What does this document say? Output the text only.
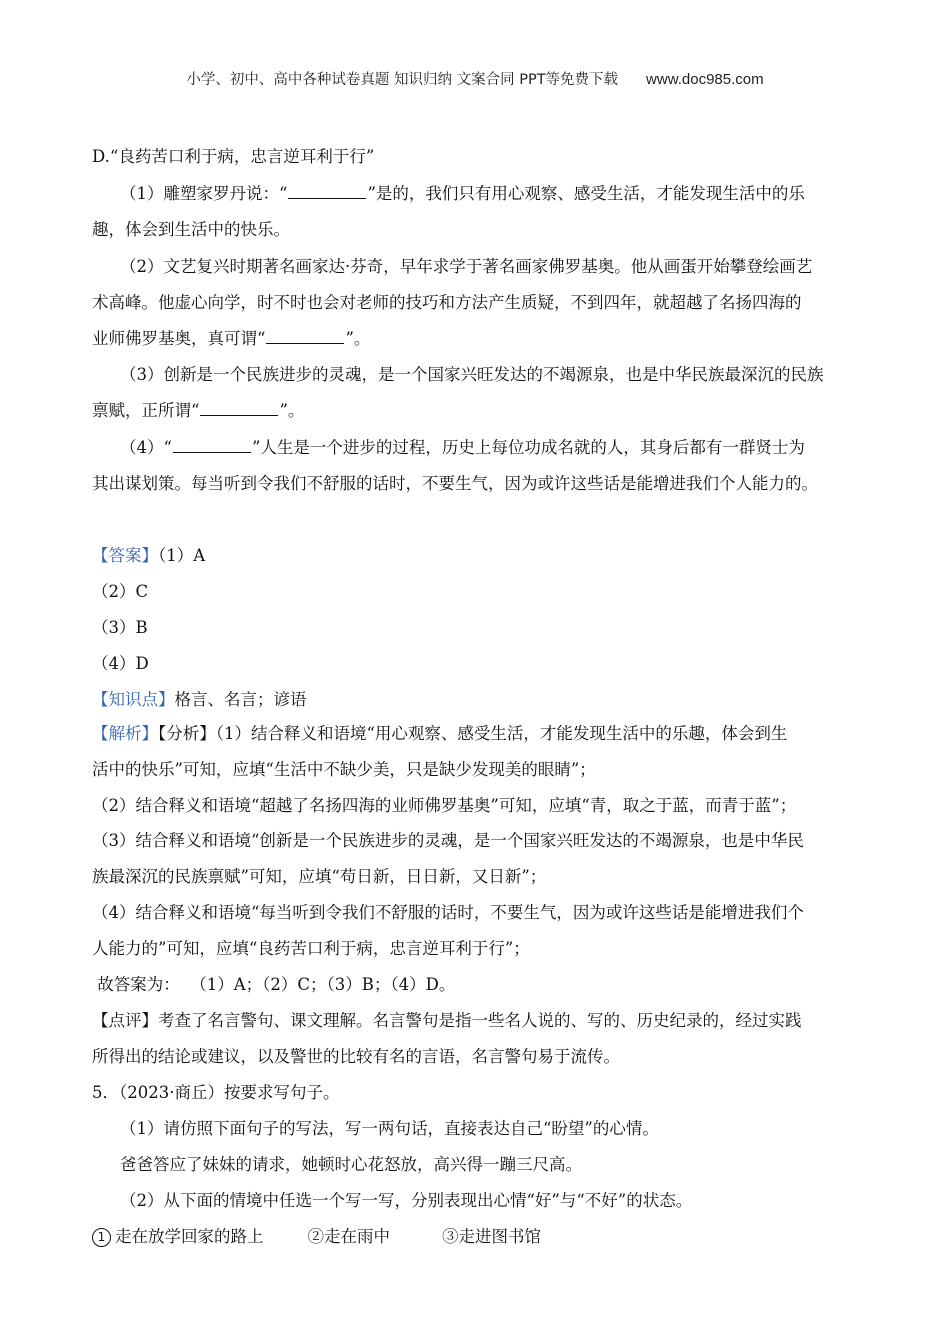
小学、初中、高中各种试卷真题 知识归纳 文案合同 PPT等免费下载 www.doc985.com
D.“良药苦口利于病，忠言逆耳利于行”
（1）雕塑家罗丹说：“	”是的，我们只有用心观察、感受生活，才能发现生活中的乐
趣，体会到生活中的快乐。
（2）文艺复兴时期著名画家达·芬奇，早年求学于著名画家佛罗基奥。他从画蛋开始攀登绘画艺
术高峰。他虚心向学，时不时也会对老师的技巧和方法产生质疑，不到四年，就超越了名扬四海的
业师佛罗基奥，真可谓“	”。
（3）创新是一个民族进步的灵魂，是一个国家兴旺发达的不竭源泉，也是中华民族最深沉的民族
禀赋，正所谓“	”。
（4）“	”人生是一个进步的过程，历史上每位功成名就的人，其身后都有一群贤士为
其出谋划策。每当听到令我们不舒服的话时，不要生气，因为或许这些话是能增进我们个人能力的。
【答案】（1）A
（2）C
（3）B
（4）D
【知识点】格言、名言；谚语
【解析】【分析】（1）结合释义和语境“用心观察、感受生活，才能发现生活中的乐趣，体会到生
活中的快乐”可知，应填“生活中不缺少美，只是缺少发现美的眼睛”；
（2）结合释义和语境“超越了名扬四海的业师佛罗基奥”可知，应填“青，取之于蓝，而青于蓝”；
（3）结合释义和语境“创新是一个民族进步的灵魂，是一个国家兴旺发达的不竭源泉，也是中华民
族最深沉的民族禀赋”可知，应填“苟日新，日日新，又日新”；
（4）结合释义和语境“每当听到令我们不舒服的话时，不要生气，因为或许这些话是能增进我们个
人能力的”可知，应填“良药苦口利于病，忠言逆耳利于行”；
故答案为：  （1）A；（2）C；（3）B；（4）D。
【点评】考查了名言警句、课文理解。名言警句是指一些名人说的、写的、历史纪录的，经过实践
所得出的结论或建议，以及警世的比较有名的言语，名言警句易于流传。
5．（2023·商丘）按要求写句子。
（1）请仿照下面句子的写法，写一两句话，直接表达自己“盼望”的心情。
爸爸答应了妹妹的请求，她顿时心花怒放，高兴得一蹦三尺高。
（2）从下面的情境中任选一个写一写，分别表现出心情“好”与“不好”的状态。
1 走在放学回家的路上	②走在雨中	③走进图书馆
